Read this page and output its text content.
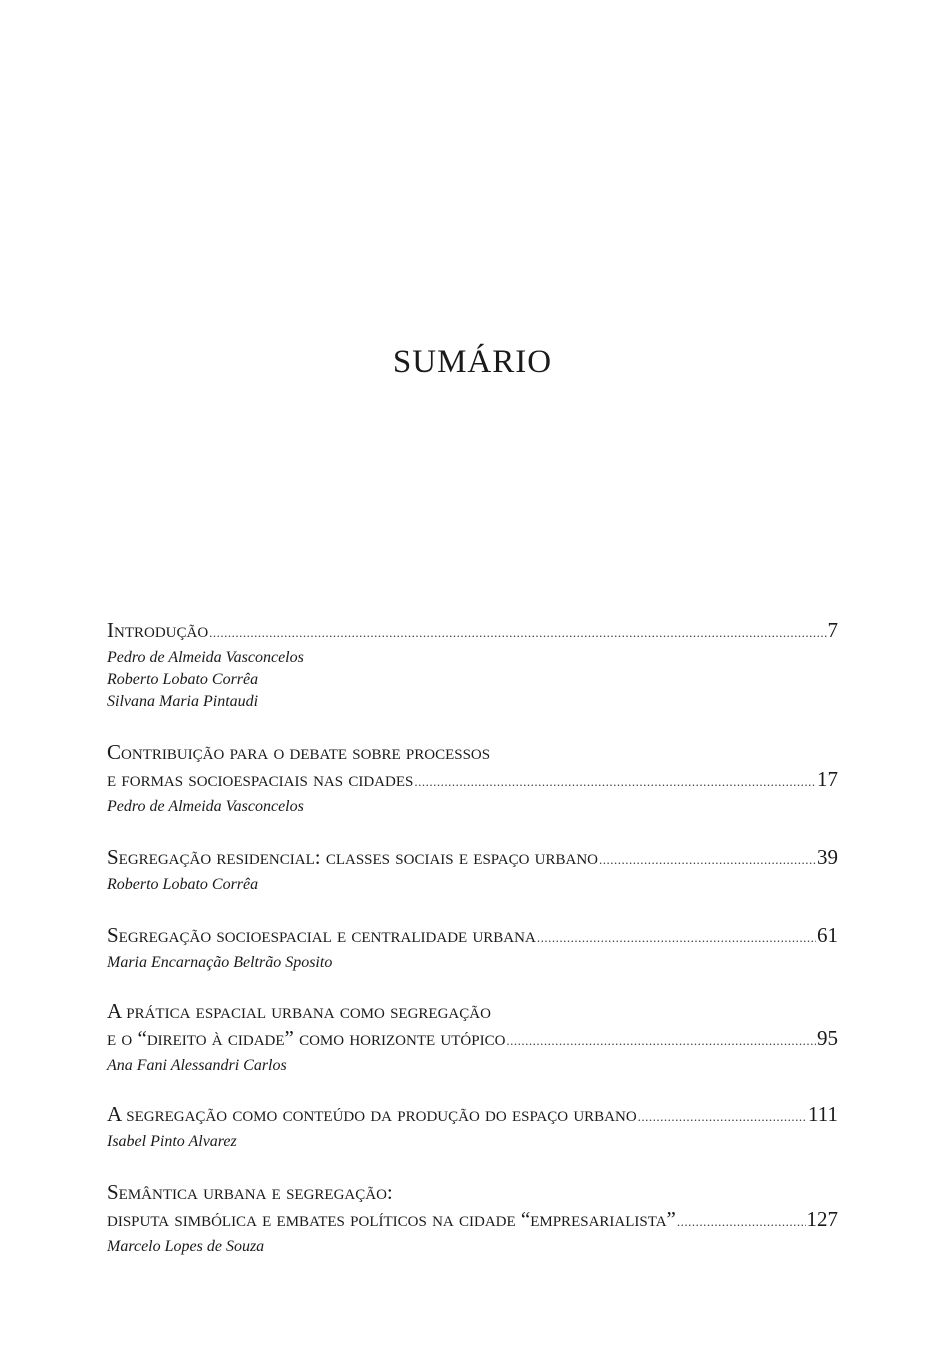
SUMÁRIO
Introdução .....	7
Pedro de Almeida Vasconcelos
Roberto Lobato Corrêa
Silvana Maria Pintaudi
Contribuição para o debate sobre processos
e formas socioespaciais nas cidades .....	17
Pedro de Almeida Vasconcelos
Segregação residencial: classes sociais e espaço urbano .....	39
Roberto Lobato Corrêa
Segregação socioespacial e centralidade urbana .....	61
Maria Encarnação Beltrão Sposito
A prática espacial urbana como segregação
e o “direito à cidade” como horizonte utópico .....	95
Ana Fani Alessandri Carlos
A segregação como conteúdo da produção do espaço urbano .....	111
Isabel Pinto Alvarez
Semântica urbana e segregação:
disputa simbólica e embates políticos na cidade “empresarialista” .....	127
Marcelo Lopes de Souza
